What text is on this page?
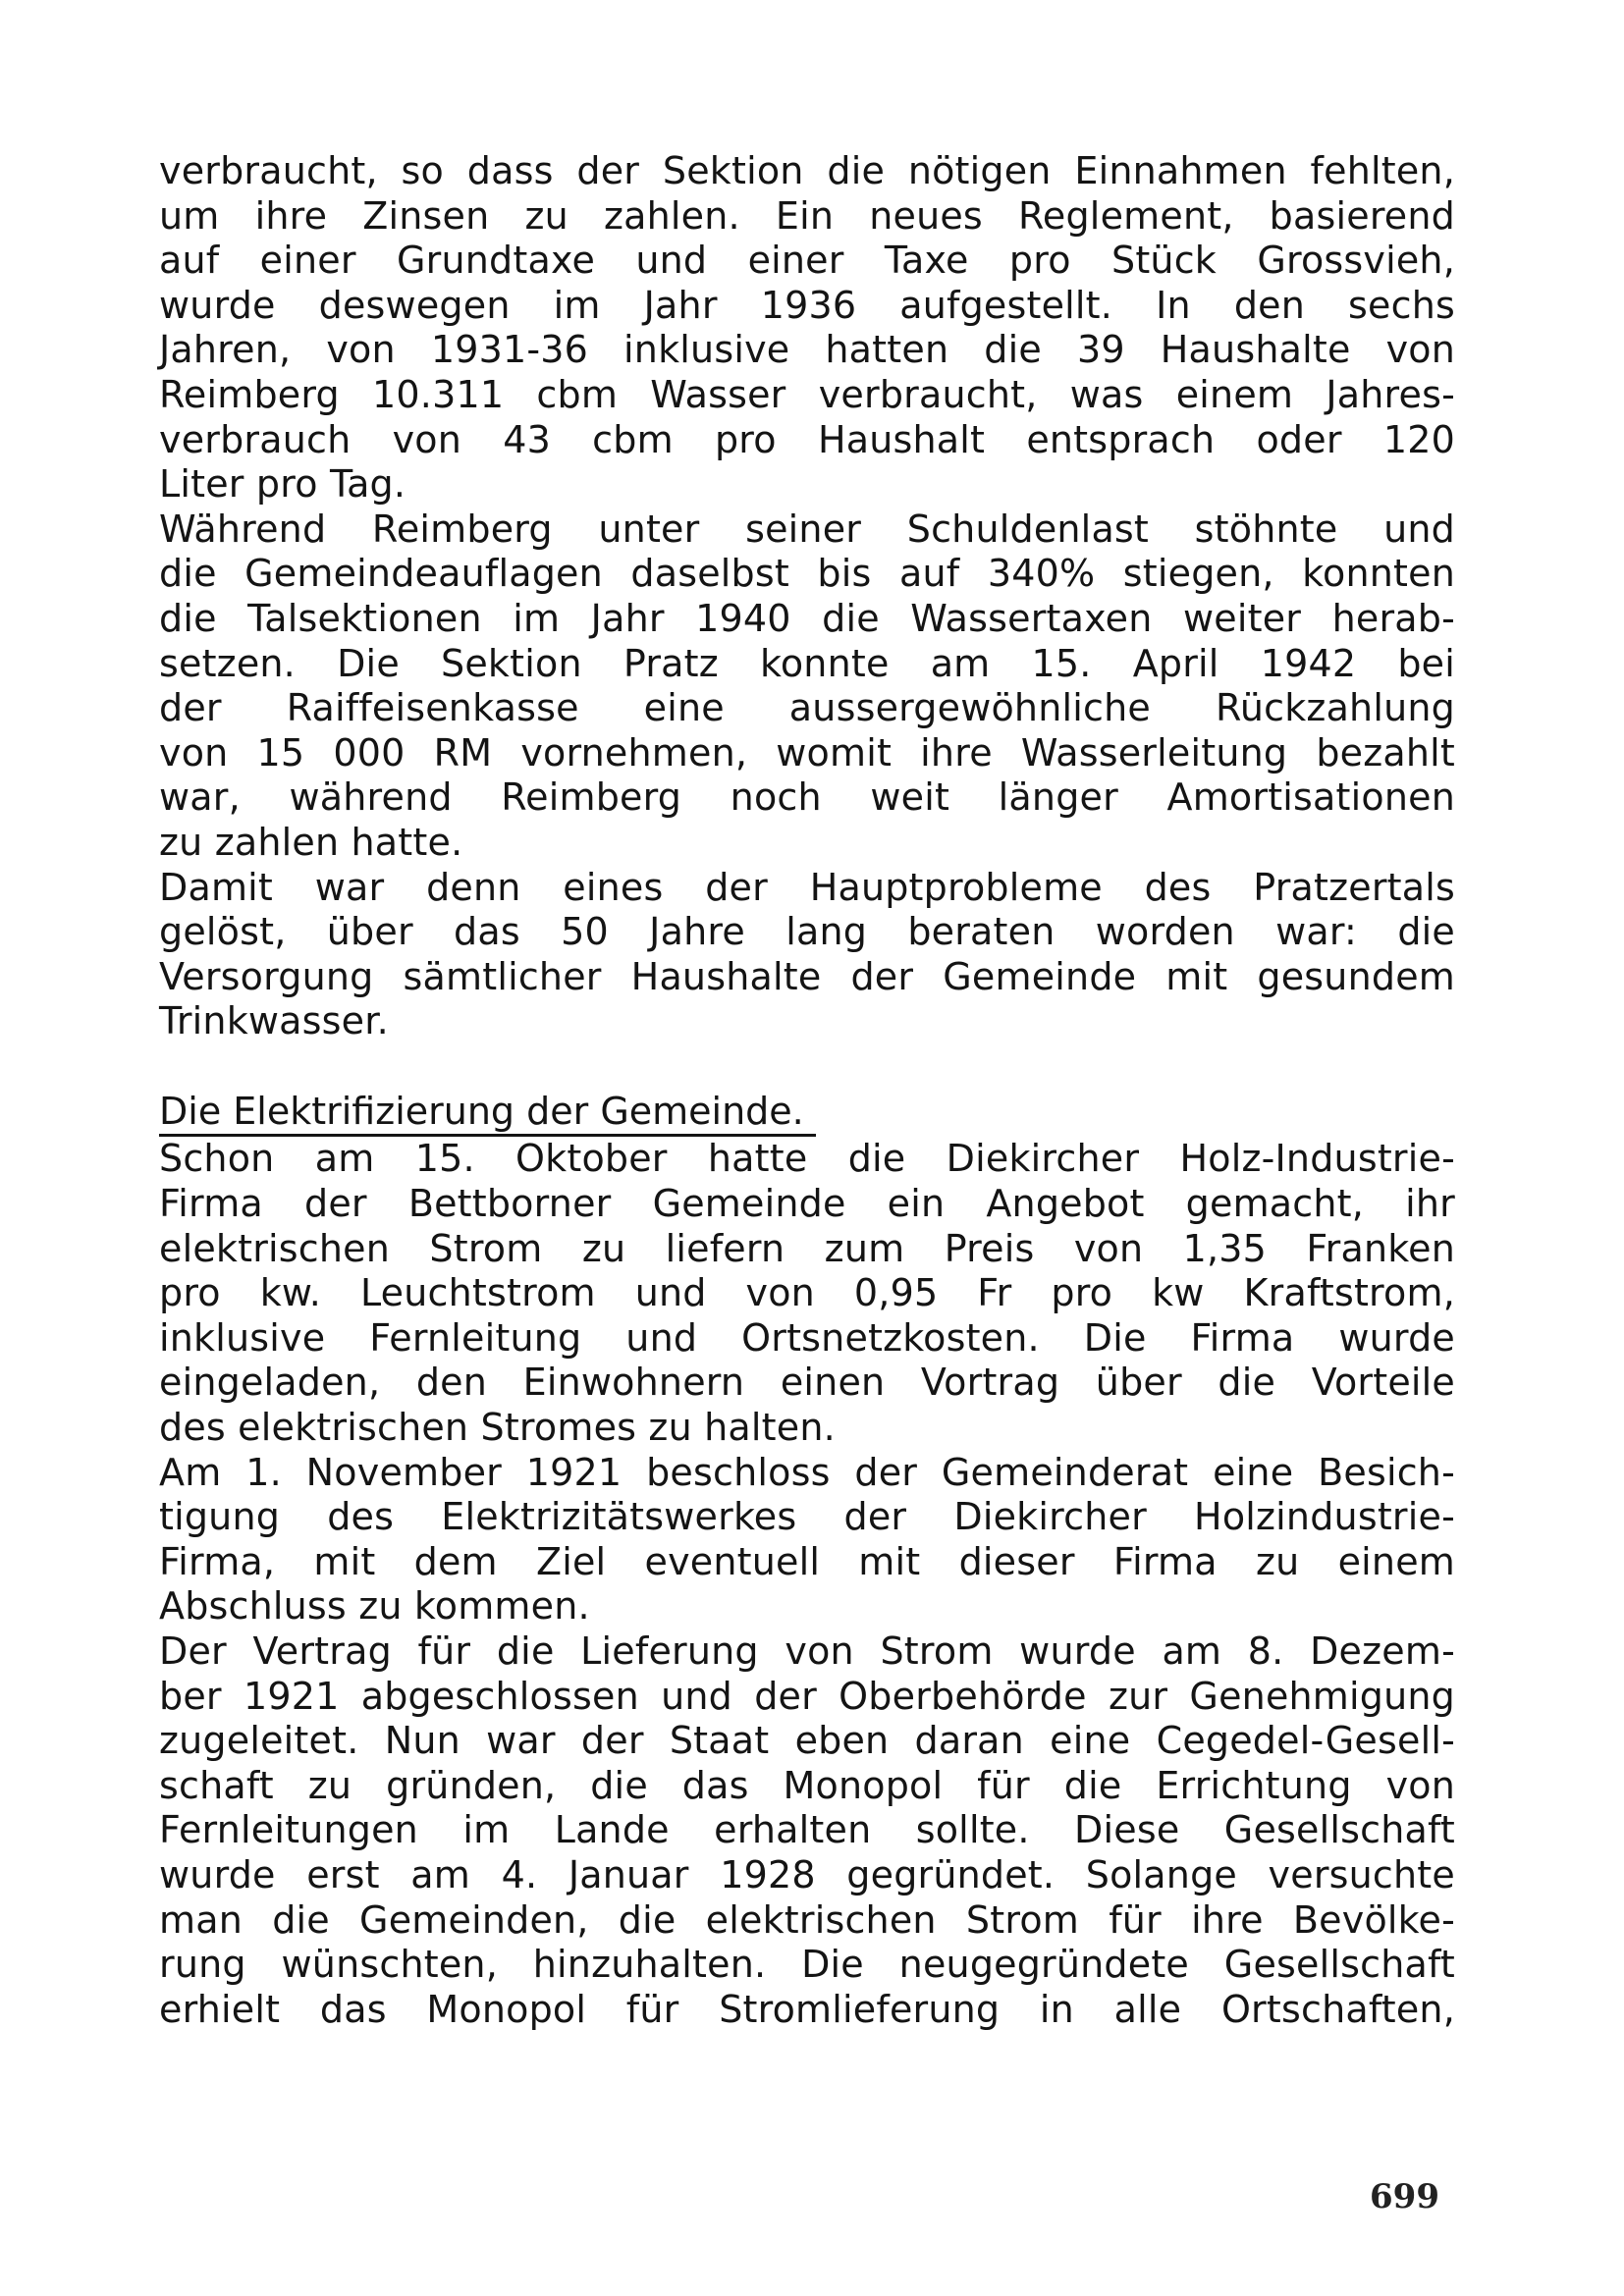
verbraucht, so dass der Sektion die nötigen Einnahmen fehlten,
um ihre Zinsen zu zahlen. Ein neues Reglement, basierend
auf einer Grundtaxe und einer Taxe pro Stück Grossvieh,
wurde deswegen im Jahr 1936 aufgestellt. In den sechs
Jahren, von 1931-36 inklusive hatten die 39 Haushalte von
Reimberg 10.311 cbm Wasser verbraucht, was einem Jahres-
verbrauch von 43 cbm pro Haushalt entsprach oder 120
Liter pro Tag.
Während Reimberg unter seiner Schuldenlast stöhnte und
die Gemeindeauflagen daselbst bis auf 340% stiegen, konnten
die Talsektionen im Jahr 1940 die Wassertaxen weiter herab-
setzen. Die Sektion Pratz konnte am 15. April 1942 bei
der Raiffeisenkasse eine aussergewöhnliche Rückzahlung
von 15 000 RM vornehmen, womit ihre Wasserleitung bezahlt
war, während Reimberg noch weit länger Amortisationen
zu zahlen hatte.
Damit war denn eines der Hauptprobleme des Pratzertals
gelöst, über das 50 Jahre lang beraten worden war: die
Versorgung sämtlicher Haushalte der Gemeinde mit gesundem
Trinkwasser.
Die Elektrifizierung der Gemeinde.
Schon am 15. Oktober hatte die Diekircher Holz-Industrie-
Firma der Bettborner Gemeinde ein Angebot gemacht, ihr
elektrischen Strom zu liefern zum Preis von 1,35 Franken
pro kw. Leuchtstrom und von 0,95 Fr pro kw Kraftstrom,
inklusive Fernleitung und Ortsnetzkosten. Die Firma wurde
eingeladen, den Einwohnern einen Vortrag über die Vorteile
des elektrischen Stromes zu halten.
Am 1. November 1921 beschloss der Gemeinderat eine Besich-
tigung des Elektrizitätswerkes der Diekircher Holzindustrie-
Firma, mit dem Ziel eventuell mit dieser Firma zu einem
Abschluss zu kommen.
Der Vertrag für die Lieferung von Strom wurde am 8. Dezem-
ber 1921 abgeschlossen und der Oberbehörde zur Genehmigung
zugeleitet. Nun war der Staat eben daran eine Cegedel-Gesell-
schaft zu gründen, die das Monopol für die Errichtung von
Fernleitungen im Lande erhalten sollte. Diese Gesellschaft
wurde erst am 4. Januar 1928 gegründet. Solange versuchte
man die Gemeinden, die elektrischen Strom für ihre Bevölke-
rung wünschten, hinzuhalten. Die neugegründete Gesellschaft
erhielt das Monopol für Stromlieferung in alle Ortschaften,
699
